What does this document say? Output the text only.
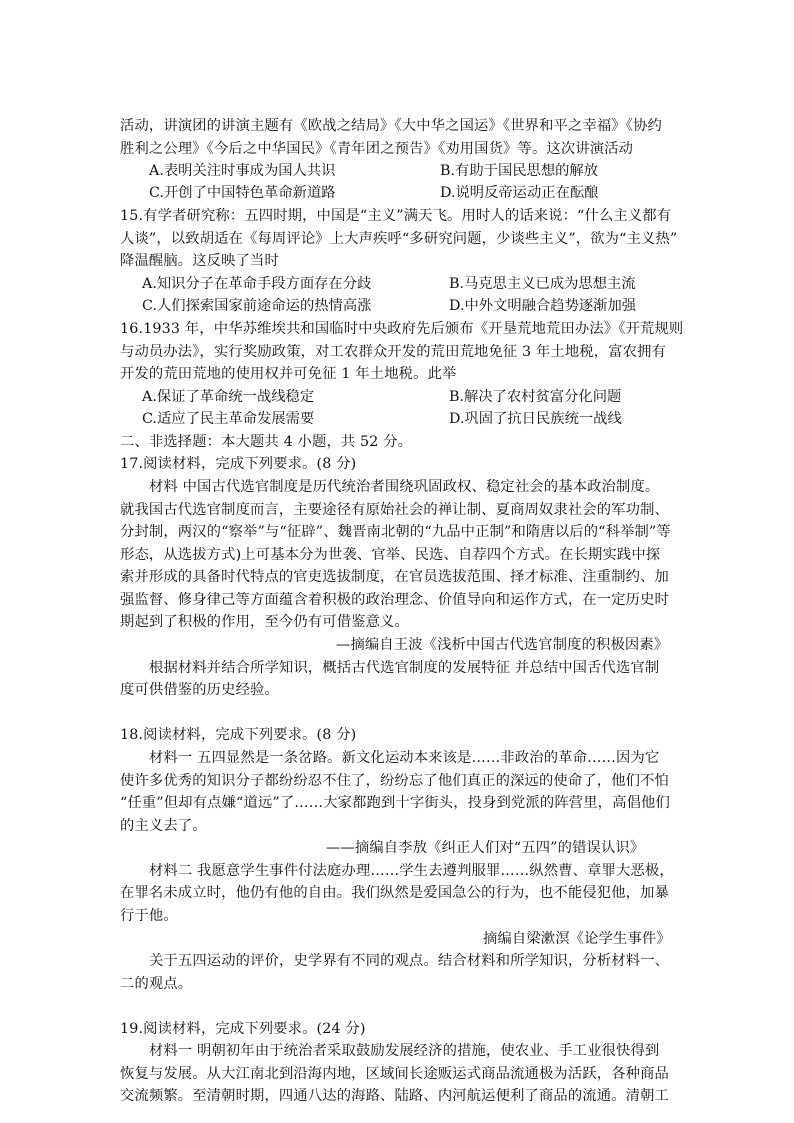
活动，讲演团的讲演主题有《欧战之结局》《大中华之国运》《世界和平之幸福》《协约
胜利之公理》《今后之中华国民》《青年团之预告》《劝用国货》等。这次讲演活动
A.表明关注时事成为国人共识	B.有助于国民思想的解放
C.开创了中国特色革命新道路	D.说明反帝运动正在酝酿
15.有学者研究称：五四时期，中国是“主义”满天飞。用时人的话来说：“什么主义都有
人谈”，以致胡适在《每周评论》上大声疾呼“多研究问题，少谈些主义”，欲为“主义热”
降温醒脑。这反映了当时
A.知识分子在革命手段方面存在分歧	B.马克思主义已成为思想主流
C.人们探索国家前途命运的热情高涨	D.中外文明融合趋势逐渐加强
16.1933 年，中华苏维埃共和国临时中央政府先后颁布《开垦荒地荒田办法》《开荒规则
与动员办法》，实行奖励政策，对工农群众开发的荒田荒地免征 3 年土地税，富农拥有
开发的荒田荒地的使用权并可免征 1 年土地税。此举
A.保证了革命统一战线稳定	B.解决了农村贫富分化问题
C.适应了民主革命发展需要	D.巩固了抗日民族统一战线
二、非选择题：本大题共 4 小题，共 52 分。
17.阅读材料，完成下列要求。(8 分)
材料 中国古代选官制度是历代统治者围绕巩固政权、稳定社会的基本政治制度。
就我国古代选官制度而言，主要途径有原始社会的禅让制、夏商周奴隶社会的军功制、
分封制，两汉的“察举”与“征辟”、魏晋南北朝的“九品中正制”和隋唐以后的“科举制”等
形态，从选拔方式)上可基本分为世袭、官举、民选、自荐四个方式。在长期实践中探
索并形成的具备时代特点的官吏选拔制度，在官员选拔范围、择才标准、注重制约、加
强监督、修身律己等方面蕴含着积极的政治理念、价值导向和运作方式，在一定历史时
期起到了积极的作用，至今仍有可借鉴意义。
—摘编自王波《浅析中国古代选官制度的积极因素》
根据材料并结合所学知识，概括古代选官制度的发展特征 并总结中国舌代选官制
度可供借鉴的历史经验。
18.阅读材料，完成下列要求。(8 分)
材料一 五四显然是一条岔路。新文化运动本来该是……非政治的革命……因为它
使许多优秀的知识分子都纷纷忍不住了，纷纷忘了他们真正的深远的使命了，他们不怕
“任重”但却有点嫌“道远”了……大家都跑到十字街头，投身到党派的阵营里，高倡他们
的主义去了。
——摘编自李敖《纠正人们对“五四”的错误认识》
材料二 我愿意学生事件付法庭办理……学生去遵判服罪……纵然曹、章罪大恶极，
在罪名未成立时，他仍有他的自由。我们纵然是爱国急公的行为，也不能侵犯他，加暴
行于他。
摘编自梁漱溟《论学生事件》
关于五四运动的评价，史学界有不同的观点。结合材料和所学知识，分析材料一、
二的观点。
19.阅读材料，完成下列要求。(24 分)
材料一 明朝初年由于统治者采取鼓励发展经济的措施，使农业、手工业很快得到
恢复与发展。从大江南北到沿海内地，区域间长途贩运式商品流通极为活跃，各种商品
交流频繁。至清朝时期，四通八达的海路、陆路、内河航运便利了商品的流通。清朝工
